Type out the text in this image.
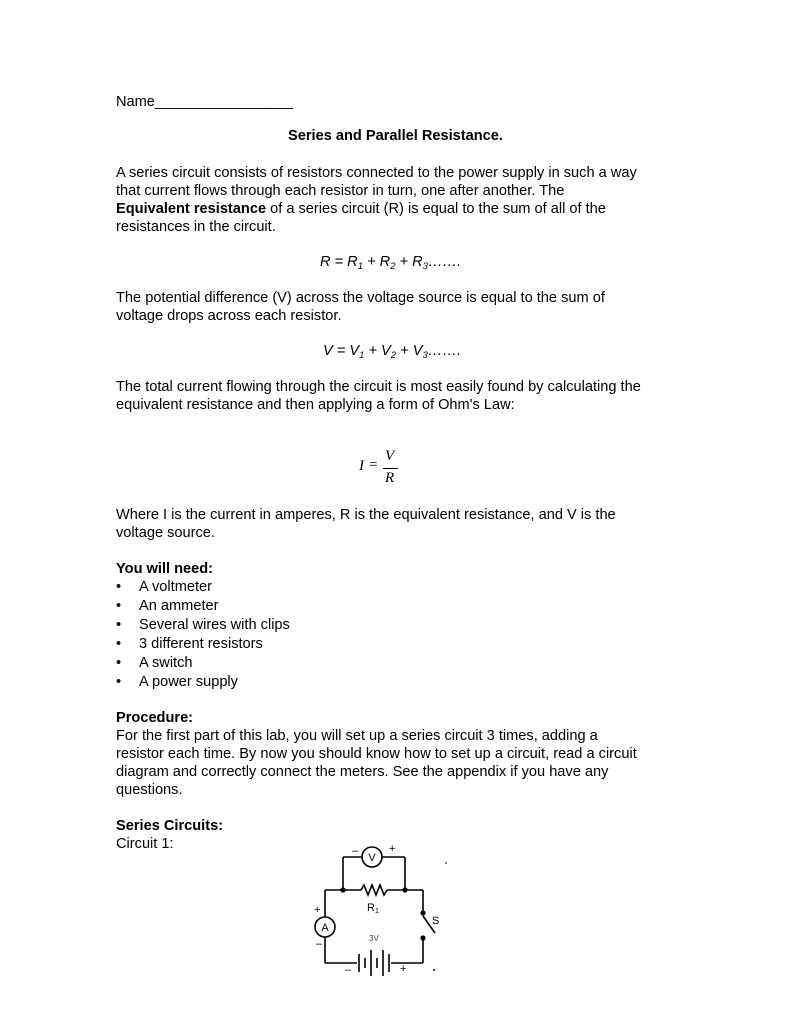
Name_________________
Series and Parallel Resistance.
A series circuit consists of resistors connected to the power supply in such a way
that current flows through each resistor in turn, one after another. The
Equivalent resistance of a series circuit (R) is equal to the sum of all of the
resistances in the circuit.
$R = R_1 + R_2$ + $R_3\dots\dots$.
The potential difference (V) across the voltage source is equal to the sum of
voltage drops across each resistor.
$V = V_1 + V_2$ + $V_3\dots\dots$.
The total current flowing through the circuit is most easily found by calculating the
equivalent resistance and then applying a form of Ohm's Law:
I =
V
R
Where I is the current in amperes, R is the equivalent resistance, and V is the
voltage source.
You will need:
• A voltmeter
• An ammeter
• Several wires with clips
• 3 different resistors
• A switch
• A power supply
Procedure:
For the first part of this lab, you will set up a series circuit 3 times, adding a
resistor each time. By now you should know how to set up a circuit, read a circuit
diagram and correctly connect the meters. See the appendix if you have any
questions.
Series Circuits:
Circuit 1:
V
A
R 1
S
3V
+
–
+
–
–	+
